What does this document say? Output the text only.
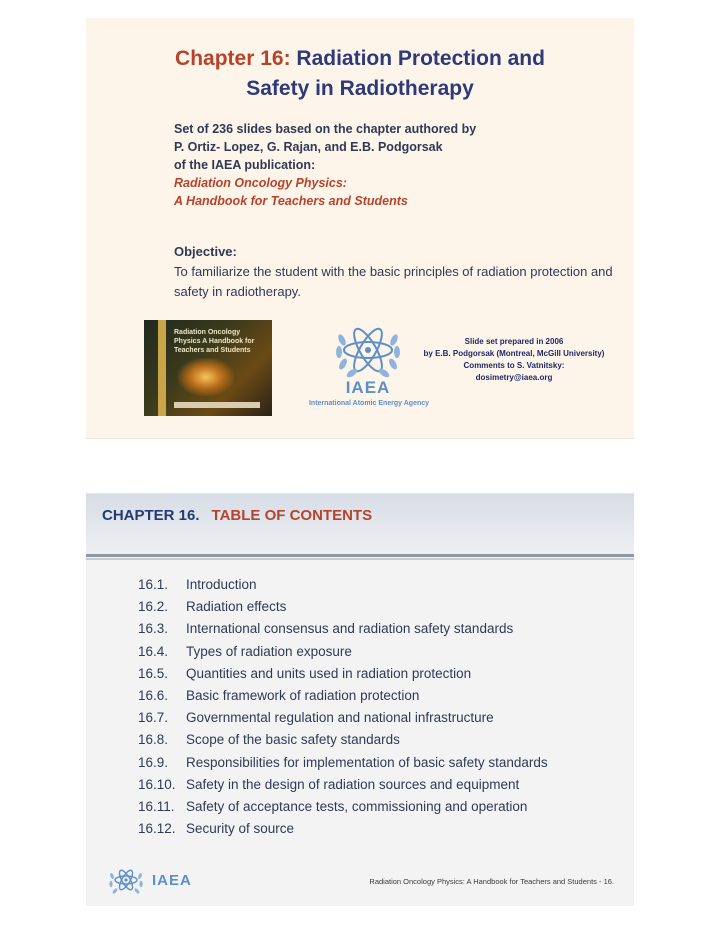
Chapter 16: Radiation Protection and
Safety in Radiotherapy
Set of 236 slides based on the chapter authored by
P. Ortiz- Lopez, G. Rajan, and E.B. Podgorsak
of the IAEA publication:
Radiation Oncology Physics:
A Handbook for Teachers and Students
Objective:
To familiarize the student with the basic principles of radiation protection and safety in radiotherapy.
Radiation Oncology Physics A Handbook for Teachers and Students
IAEA
International Atomic Energy Agency
Slide set prepared in 2006
by E.B. Podgorsak (Montreal, McGill University)
Comments to S. Vatnitsky:
dosimetry@iaea.org
CHAPTER 16. TABLE OF CONTENTS
16.1. Introduction
16.2. Radiation effects
16.3. International consensus and radiation safety standards
16.4. Types of radiation exposure
16.5. Quantities and units used in radiation protection
16.6. Basic framework of radiation protection
16.7. Governmental regulation and national infrastructure
16.8. Scope of the basic safety standards
16.9. Responsibilities for implementation of basic safety standards
16.10. Safety in the design of radiation sources and equipment
16.11. Safety of acceptance tests, commissioning and operation
16.12. Security of source
IAEA	Radiation Oncology Physics: A Handbook for Teachers and Students - 16.
